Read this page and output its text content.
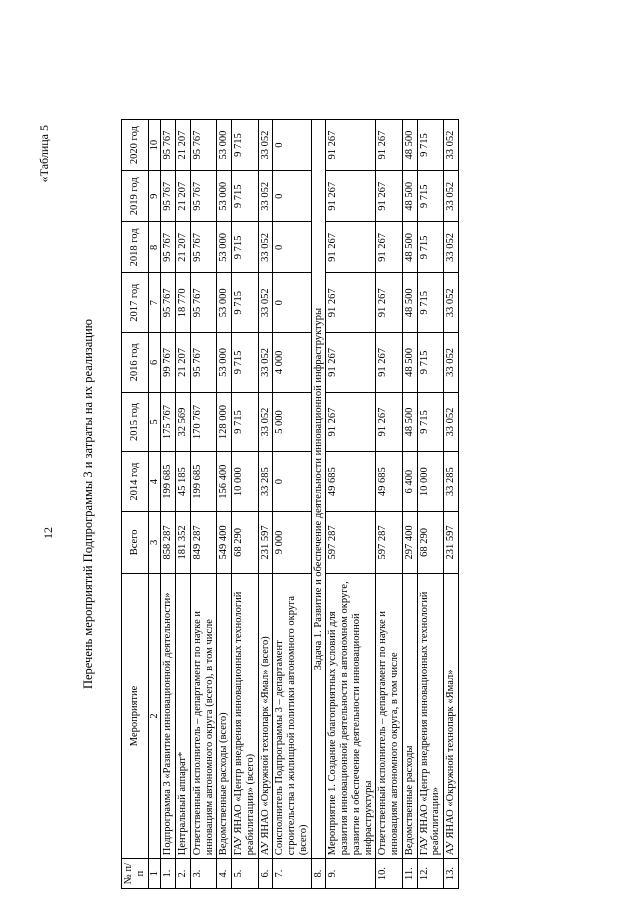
12
«Таблица 5
Перечень мероприятий Подпрограммы 3 и затраты на их реализацию
№ п/п	Мероприятие	Всего	2014 год	2015 год	2016 год	2017 год	2018 год	2019 год	2020 год
1	2	3	4	5	6	7	8	9	10
1.	Подпрограмма 3 «Развитие инновационной деятельности»	858 287	199 685	175 767	99 767	95 767	95 767	95 767	95 767
2.	Центральный аппарат*	181 352	45 185	32 569	21 207	18 770	21 207	21 207	21 207
3.	Ответственный исполнитель – департамент по науке и инновациям автономного округа (всего), в том числе	849 287	199 685	170 767	95 767	95 767	95 767	95 767	95 767
4.	Ведомственные расходы (всего)	549 400	156 400	128 000	53 000	53 000	53 000	53 000	53 000
5.	ГАУ ЯНАО «Центр внедрения инновационных технологий реабилитации» (всего)	68 290	10 000	9 715	9 715	9 715	9 715	9 715	9 715
6.	АУ ЯНАО «Окружной технопарк «Ямал» (всего)	231 597	33 285	33 052	33 052	33 052	33 052	33 052	33 052
7.	Соисполнитель Подпрограммы 3 – департамент строительства и жилищной политики автономного округа (всего)	9 000	0	5 000	4 000	0	0	0	0
8.	Задача 1. Развитие и обеспечение деятельности инновационной инфраструктуры								
9.	Мероприятие 1. Создание благоприятных условий для развития инновационной деятельности в автономном округе, развитие и обеспечение деятельности инновационной инфраструктуры	597 287	49 685	91 267	91 267	91 267	91 267	91 267	91 267
10.	Ответственный исполнитель – департамент по науке и инновациям автономного округа, в том числе	597 287	49 685	91 267	91 267	91 267	91 267	91 267	91 267
11.	Ведомственные расходы	297 400	6 400	48 500	48 500	48 500	48 500	48 500	48 500
12.	ГАУ ЯНАО «Центр внедрения инновационных технологий реабилитации»	68 290	10 000	9 715	9 715	9 715	9 715	9 715	9 715
13.	АУ ЯНАО «Окружной технопарк «Ямал»	231 597	33 285	33 052	33 052	33 052	33 052	33 052	33 052
